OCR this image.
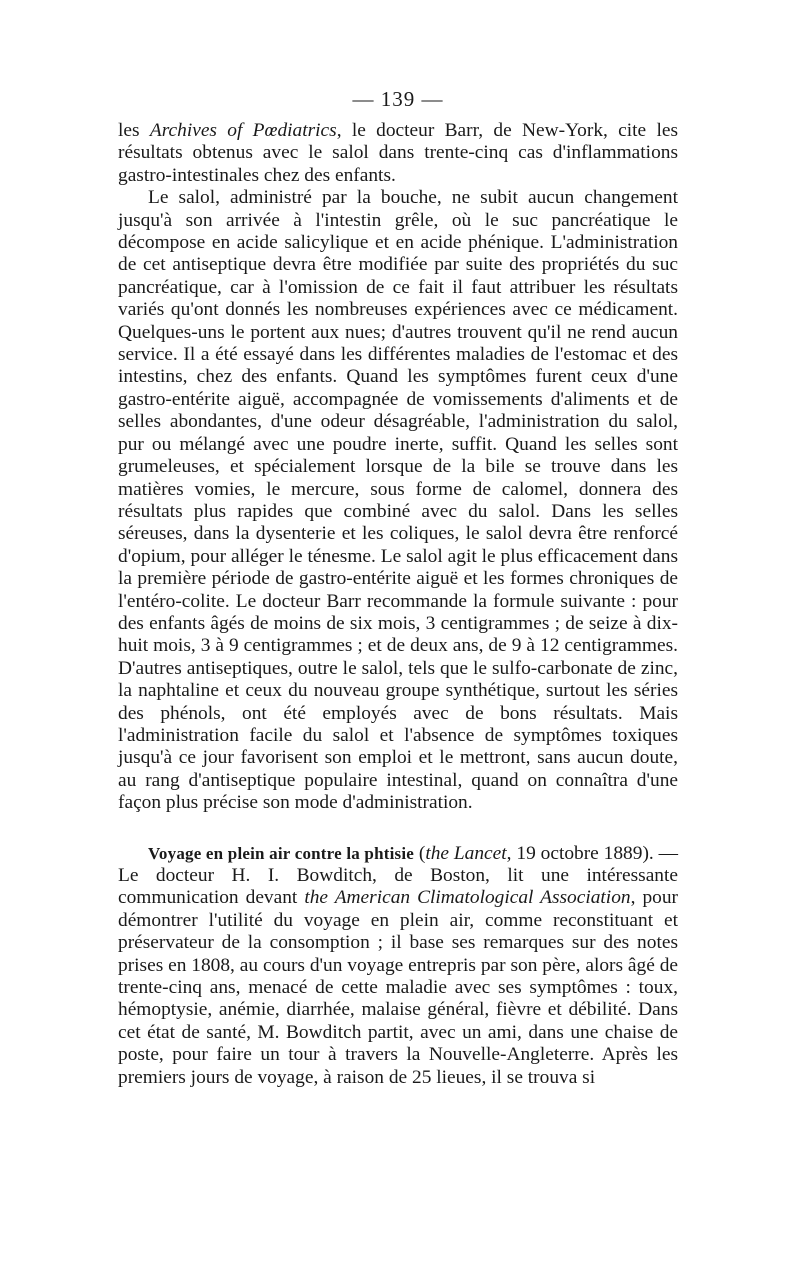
— 139 —

les Archives of Pœdiatrics, le docteur Barr, de New-York, cite les résultats obtenus avec le salol dans trente-cinq cas d'inflammations gastro-intestinales chez des enfants.

Le salol, administré par la bouche, ne subit aucun changement jusqu'à son arrivée à l'intestin grêle, où le suc pancréatique le décompose en acide salicylique et en acide phénique. L'administration de cet antiseptique devra être modifiée par suite des propriétés du suc pancréatique, car à l'omission de ce fait il faut attribuer les résultats variés qu'ont donnés les nombreuses expériences avec ce médicament. Quelques-uns le portent aux nues; d'autres trouvent qu'il ne rend aucun service. Il a été essayé dans les différentes maladies de l'estomac et des intestins, chez des enfants. Quand les symptômes furent ceux d'une gastro-entérite aiguë, accompagnée de vomissements d'aliments et de selles abondantes, d'une odeur désagréable, l'administration du salol, pur ou mélangé avec une poudre inerte, suffit. Quand les selles sont grumeleuses, et spécialement lorsque de la bile se trouve dans les matières vomies, le mercure, sous forme de calomel, donnera des résultats plus rapides que combiné avec du salol. Dans les selles séreuses, dans la dysenterie et les coliques, le salol devra être renforcé d'opium, pour alléger le ténesme. Le salol agit le plus efficacement dans la première période de gastro-entérite aiguë et les formes chroniques de l'entéro-colite. Le docteur Barr recommande la formule suivante : pour des enfants âgés de moins de six mois, 3 centigrammes ; de seize à dix-huit mois, 3 à 9 centigrammes ; et de deux ans, de 9 à 12 centigrammes. D'autres antiseptiques, outre le salol, tels que le sulfo-carbonate de zinc, la naphtaline et ceux du nouveau groupe synthétique, surtout les séries des phénols, ont été employés avec de bons résultats. Mais l'administration facile du salol et l'absence de symptômes toxiques jusqu'à ce jour favorisent son emploi et le mettront, sans aucun doute, au rang d'antiseptique populaire intestinal, quand on connaîtra d'une façon plus précise son mode d'administration.

Voyage en plein air contre la phtisie (the Lancet, 19 octobre 1889). — Le docteur H. I. Bowditch, de Boston, lit une intéressante communication devant the American Climatological Association, pour démontrer l'utilité du voyage en plein air, comme reconstituant et préservateur de la consomption ; il base ses remarques sur des notes prises en 1808, au cours d'un voyage entrepris par son père, alors âgé de trente-cinq ans, menacé de cette maladie avec ses symptômes : toux, hémoptysie, anémie, diarrhée, malaise général, fièvre et débilité. Dans cet état de santé, M. Bowditch partit, avec un ami, dans une chaise de poste, pour faire un tour à travers la Nouvelle-Angleterre. Après les premiers jours de voyage, à raison de 25 lieues, il se trouva si
